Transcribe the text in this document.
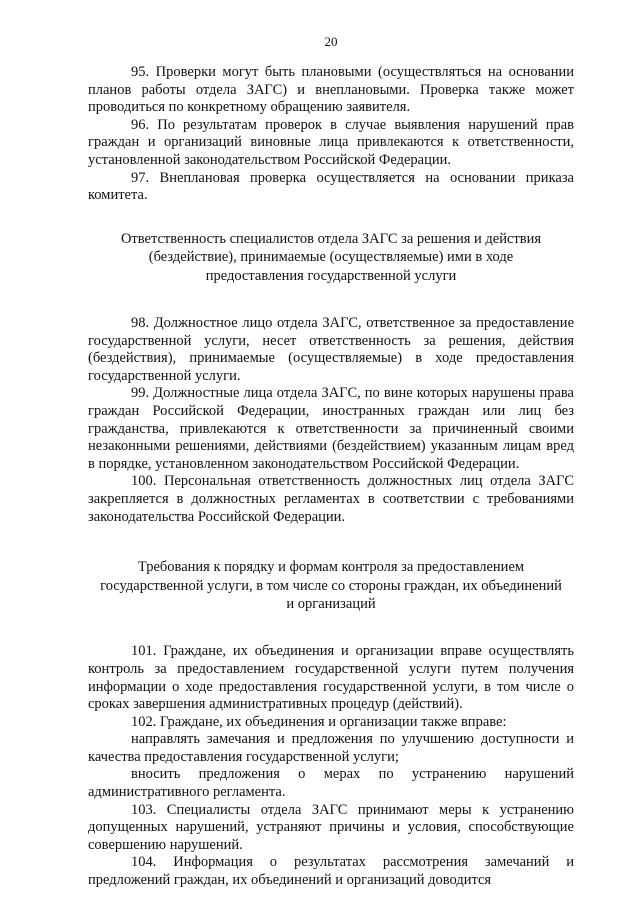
20

95. Проверки могут быть плановыми (осуществляться на основании планов работы отдела ЗАГС) и внеплановыми. Проверка также может проводиться по конкретному обращению заявителя.

96. По результатам проверок в случае выявления нарушений прав граждан и организаций виновные лица привлекаются к ответственности, установленной законодательством Российской Федерации.

97. Внеплановая проверка осуществляется на основании приказа комитета.

Ответственность специалистов отдела ЗАГС за решения и действия (бездействие), принимаемые (осуществляемые) ими в ходе предоставления государственной услуги

98. Должностное лицо отдела ЗАГС, ответственное за предоставление государственной услуги, несет ответственность за решения, действия (бездействия), принимаемые (осуществляемые) в ходе предоставления государственной услуги.

99. Должностные лица отдела ЗАГС, по вине которых нарушены права граждан Российской Федерации, иностранных граждан или лиц без гражданства, привлекаются к ответственности за причиненный своими незаконными решениями, действиями (бездействием) указанным лицам вред в порядке, установленном законодательством Российской Федерации.

100. Персональная ответственность должностных лиц отдела ЗАГС закрепляется в должностных регламентах в соответствии с требованиями законодательства Российской Федерации.

Требования к порядку и формам контроля за предоставлением государственной услуги, в том числе со стороны граждан, их объединений и организаций

101. Граждане, их объединения и организации вправе осуществлять контроль за предоставлением государственной услуги путем получения информации о ходе предоставления государственной услуги, в том числе о сроках завершения административных процедур (действий).

102. Граждане, их объединения и организации также вправе:

направлять замечания и предложения по улучшению доступности и качества предоставления государственной услуги;

вносить предложения о мерах по устранению нарушений административного регламента.

103. Специалисты отдела ЗАГС принимают меры к устранению допущенных нарушений, устраняют причины и условия, способствующие совершению нарушений.

104. Информация о результатах рассмотрения замечаний и предложений граждан, их объединений и организаций доводится
